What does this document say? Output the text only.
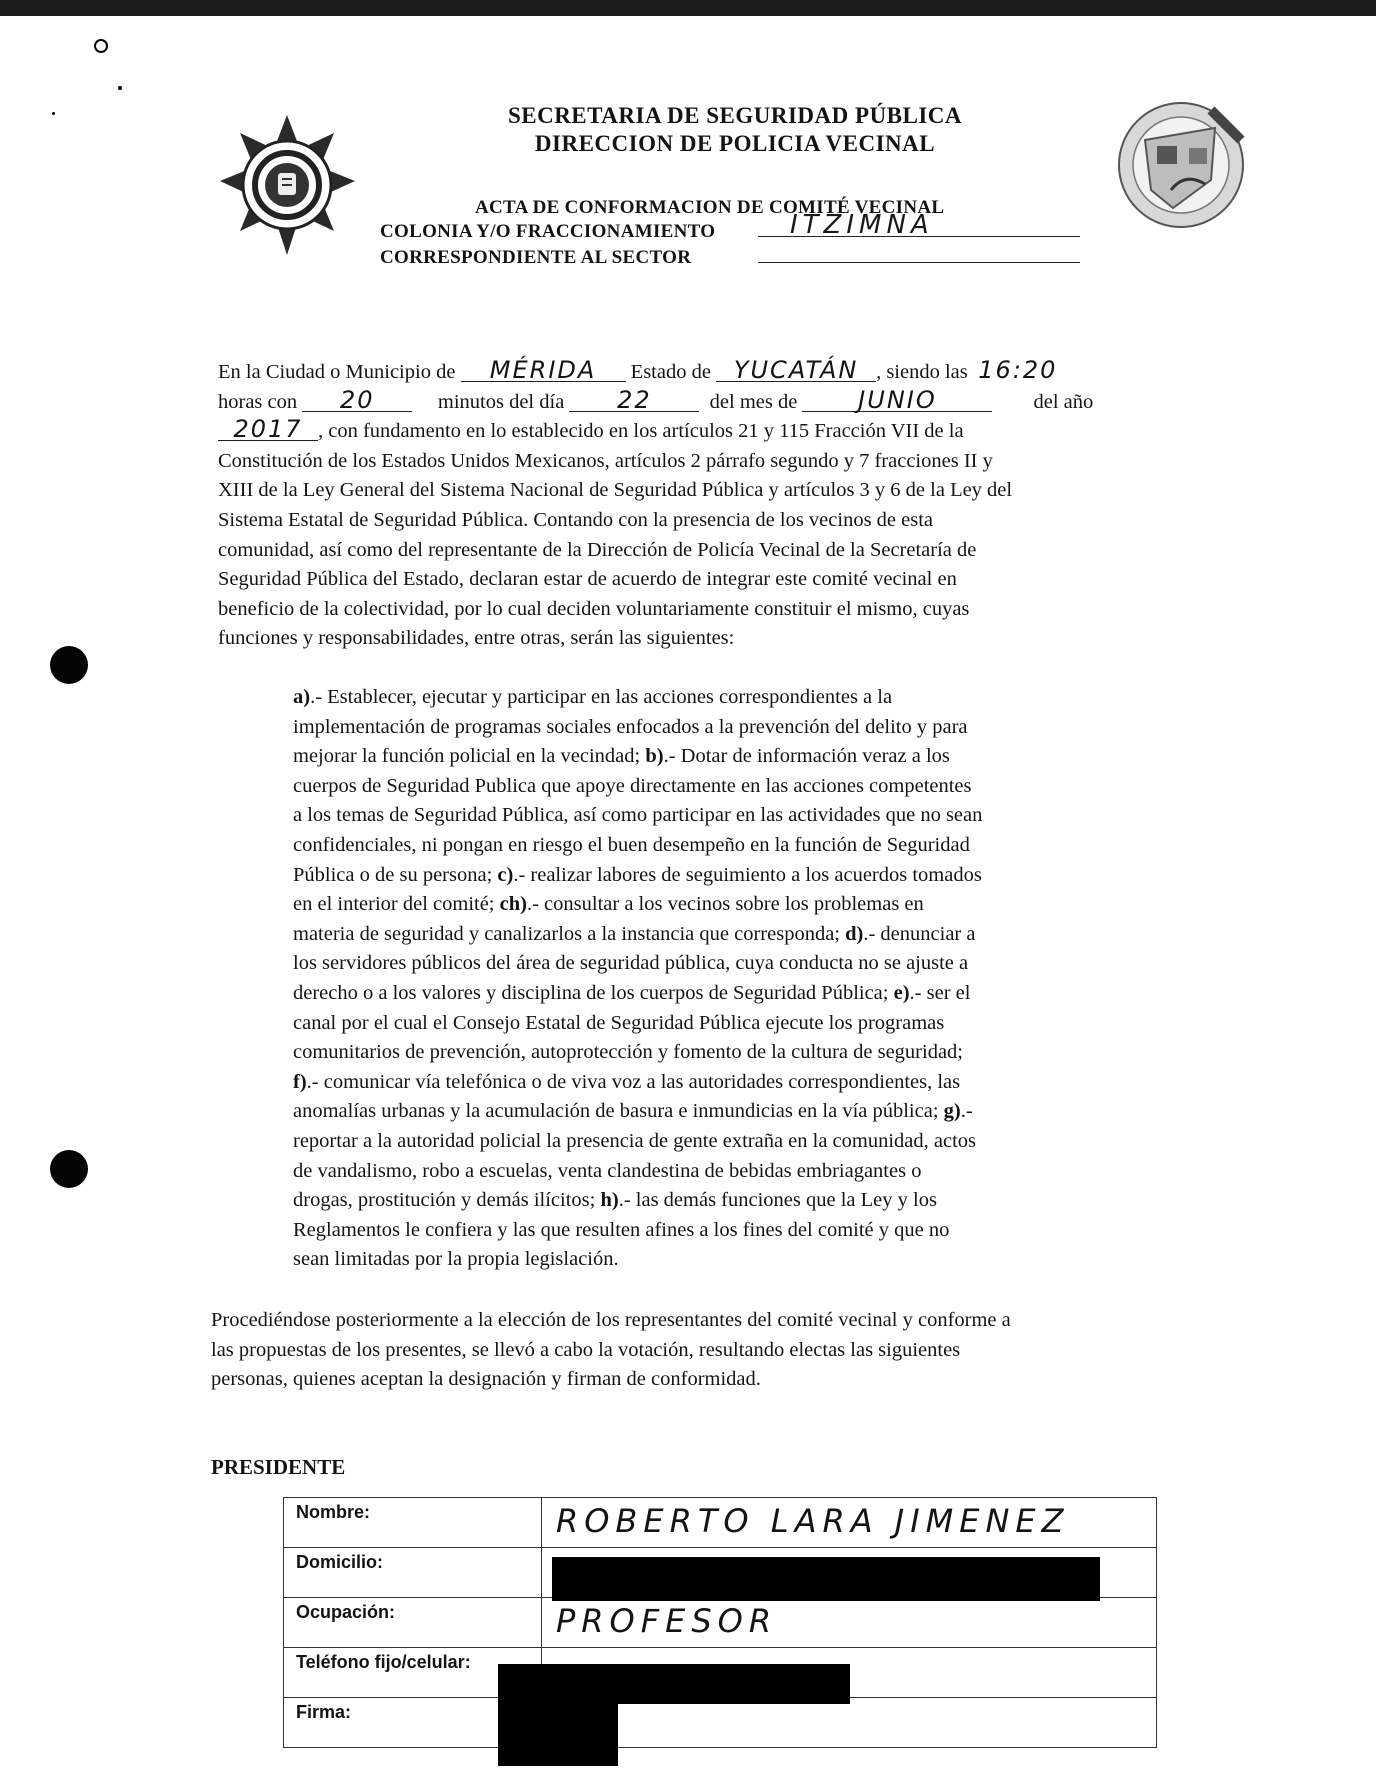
SECRETARIA DE SEGURIDAD PÚBLICA
DIRECCION DE POLICIA VECINAL
ACTA DE CONFORMACION DE COMITÉ VECINAL
COLONIA Y/O FRACCIONAMIENTO	ITZIMNA
CORRESPONDIENTE AL SECTOR
En la Ciudad o Municipio de MÉRIDA Estado de YUCATÁN , siendo las 16:20
horas con 20	minutos del día 22	del mes de	JUNIO	del año
2017 , con fundamento en lo establecido en los artículos 21 y 115 Fracción VII de la
Constitución de los Estados Unidos Mexicanos, artículos 2 párrafo segundo y 7 fracciones II y
XIII de la Ley General del Sistema Nacional de Seguridad Pública y artículos 3 y 6 de la Ley del
Sistema Estatal de Seguridad Pública. Contando con la presencia de los vecinos de esta
comunidad, así como del representante de la Dirección de Policía Vecinal de la Secretaría de
Seguridad Pública del Estado, declaran estar de acuerdo de integrar este comité vecinal en
beneficio de la colectividad, por lo cual deciden voluntariamente constituir el mismo, cuyas
funciones y responsabilidades, entre otras, serán las siguientes:
a).- Establecer, ejecutar y participar en las acciones correspondientes a la
implementación de programas sociales enfocados a la prevención del delito y para
mejorar la función policial en la vecindad; b).- Dotar de información veraz a los
cuerpos de Seguridad Publica que apoye directamente en las acciones competentes
a los temas de Seguridad Pública, así como participar en las actividades que no sean
confidenciales, ni pongan en riesgo el buen desempeño en la función de Seguridad
Pública o de su persona; c).- realizar labores de seguimiento a los acuerdos tomados
en el interior del comité; ch).- consultar a los vecinos sobre los problemas en
materia de seguridad y canalizarlos a la instancia que corresponda; d).- denunciar a
los servidores públicos del área de seguridad pública, cuya conducta no se ajuste a
derecho o a los valores y disciplina de los cuerpos de Seguridad Pública; e).- ser el
canal por el cual el Consejo Estatal de Seguridad Pública ejecute los programas
comunitarios de prevención, autoprotección y fomento de la cultura de seguridad;
f).- comunicar vía telefónica o de viva voz a las autoridades correspondientes, las
anomalías urbanas y la acumulación de basura e inmundicias en la vía pública; g).-
reportar a la autoridad policial la presencia de gente extraña en la comunidad, actos
de vandalismo, robo a escuelas, venta clandestina de bebidas embriagantes o
drogas, prostitución y demás ilícitos; h).- las demás funciones que la Ley y los
Reglamentos le confiera y las que resulten afines a los fines del comité y que no
sean limitadas por la propia legislación.
Procediéndose posteriormente a la elección de los representantes del comité vecinal y conforme a
las propuestas de los presentes, se llevó a cabo la votación, resultando electas las siguientes
personas, quienes aceptan la designación y firman de conformidad.
PRESIDENTE
Nombre:	ROBERTO LARA JIMENEZ

Domicilio:	

Ocupación:	PROFESOR

Teléfono fijo/celular:	
Firma:	
